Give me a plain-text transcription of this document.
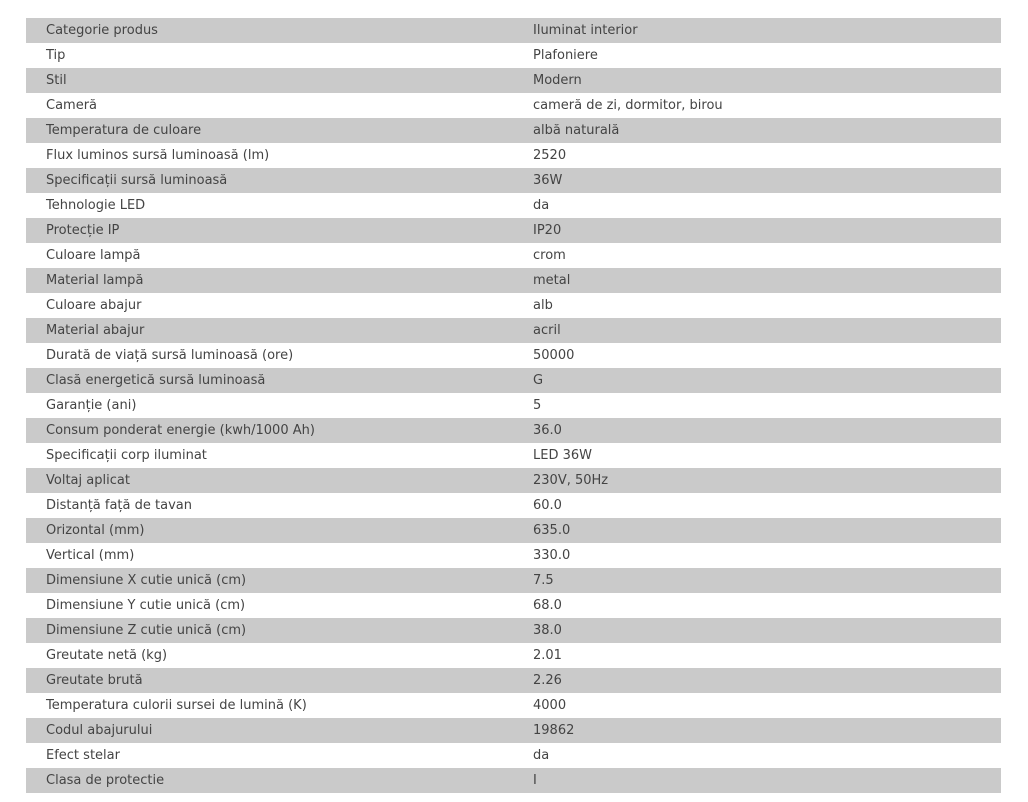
Categorie produs	Iluminat interior
Tip	Plafoniere
Stil	Modern
Cameră	cameră de zi, dormitor, birou
Temperatura de culoare	albă naturală
Flux luminos sursă luminoasă (lm)	2520
Specificații sursă luminoasă	36W
Tehnologie LED	da
Protecție IP	IP20
Culoare lampă	crom
Material lampă	metal
Culoare abajur	alb
Material abajur	acril
Durată de viață sursă luminoasă (ore)	50000
Clasă energetică sursă luminoasă	G
Garanție (ani)	5
Consum ponderat energie (kwh/1000 Ah)	36.0
Specificații corp iluminat	LED 36W
Voltaj aplicat	230V, 50Hz
Distanță față de tavan	60.0
Orizontal (mm)	635.0
Vertical (mm)	330.0
Dimensiune X cutie unică (cm)	7.5
Dimensiune Y cutie unică (cm)	68.0
Dimensiune Z cutie unică (cm)	38.0
Greutate netă (kg)	2.01
Greutate brută	2.26
Temperatura culorii sursei de lumină (K)	4000
Codul abajurului	19862
Efect stelar	da
Clasa de protectie	I
